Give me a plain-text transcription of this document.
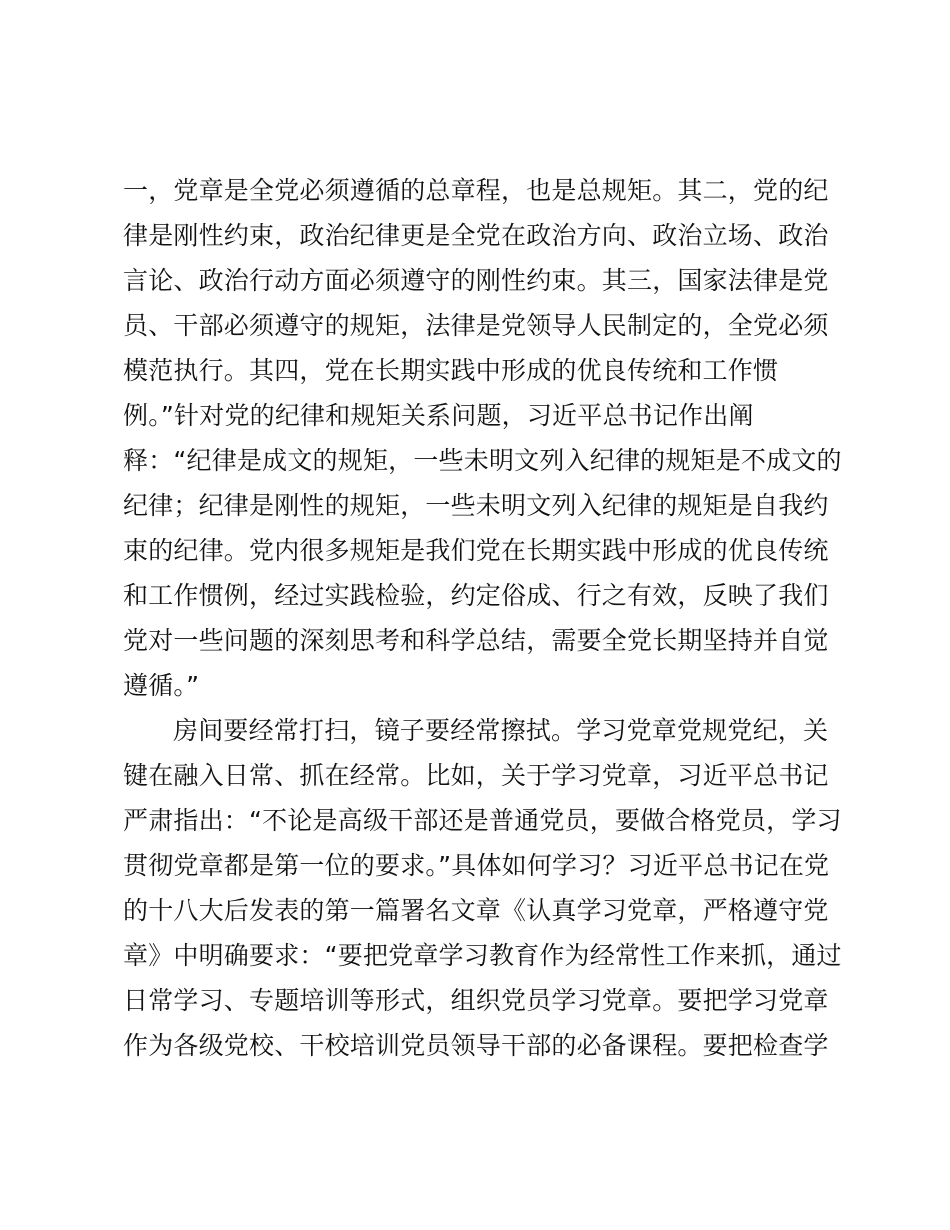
一，党章是全党必须遵循的总章程，也是总规矩。其二，党的纪
律是刚性约束，政治纪律更是全党在政治方向、政治立场、政治
言论、政治行动方面必须遵守的刚性约束。其三，国家法律是党
员、干部必须遵守的规矩，法律是党领导人民制定的，全党必须
模范执行。其四，党在长期实践中形成的优良传统和工作惯
例。”针对党的纪律和规矩关系问题，习近平总书记作出阐
释：“纪律是成文的规矩，一些未明文列入纪律的规矩是不成文的
纪律；纪律是刚性的规矩，一些未明文列入纪律的规矩是自我约
束的纪律。党内很多规矩是我们党在长期实践中形成的优良传统
和工作惯例，经过实践检验，约定俗成、行之有效，反映了我们
党对一些问题的深刻思考和科学总结，需要全党长期坚持并自觉
遵循。”
房间要经常打扫，镜子要经常擦拭。学习党章党规党纪，关
键在融入日常、抓在经常。比如，关于学习党章，习近平总书记
严肃指出：“不论是高级干部还是普通党员，要做合格党员，学习
贯彻党章都是第一位的要求。”具体如何学习？习近平总书记在党
的十八大后发表的第一篇署名文章《认真学习党章，严格遵守党
章》中明确要求：“要把党章学习教育作为经常性工作来抓，通过
日常学习、专题培训等形式，组织党员学习党章。要把学习党章
作为各级党校、干校培训党员领导干部的必备课程。要把检查学
